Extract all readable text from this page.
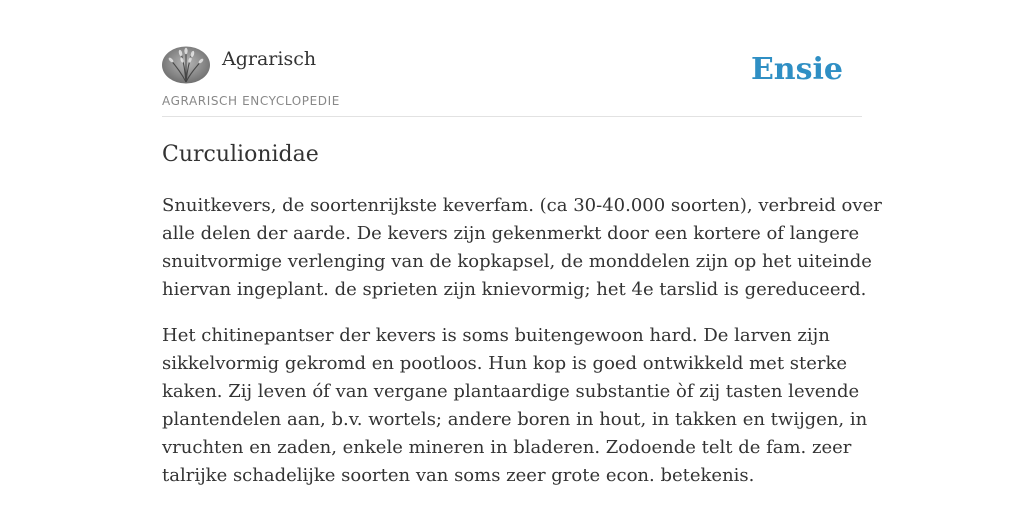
Agrarisch
AGRARISCH ENCYCLOPEDIE
Ensie
Curculionidae

Snuitkevers, de soortenrijkste keverfam. (ca 30-40.000 soorten), verbreid over
alle delen der aarde. De kevers zijn gekenmerkt door een kortere of langere
snuitvormige verlenging van de kopkapsel, de monddelen zijn op het uiteinde
hiervan ingeplant. de sprieten zijn knievormig; het 4e tarslid is gereduceerd.

Het chitinepantser der kevers is soms buitengewoon hard. De larven zijn
sikkelvormig gekromd en pootloos. Hun kop is goed ontwikkeld met sterke
kaken. Zij leven óf van vergane plantaardige substantie òf zij tasten levende
plantendelen aan, b.v. wortels; andere boren in hout, in takken en twijgen, in
vruchten en zaden, enkele mineren in bladeren. Zodoende telt de fam. zeer
talrijke schadelijke soorten van soms zeer grote econ. betekenis.
